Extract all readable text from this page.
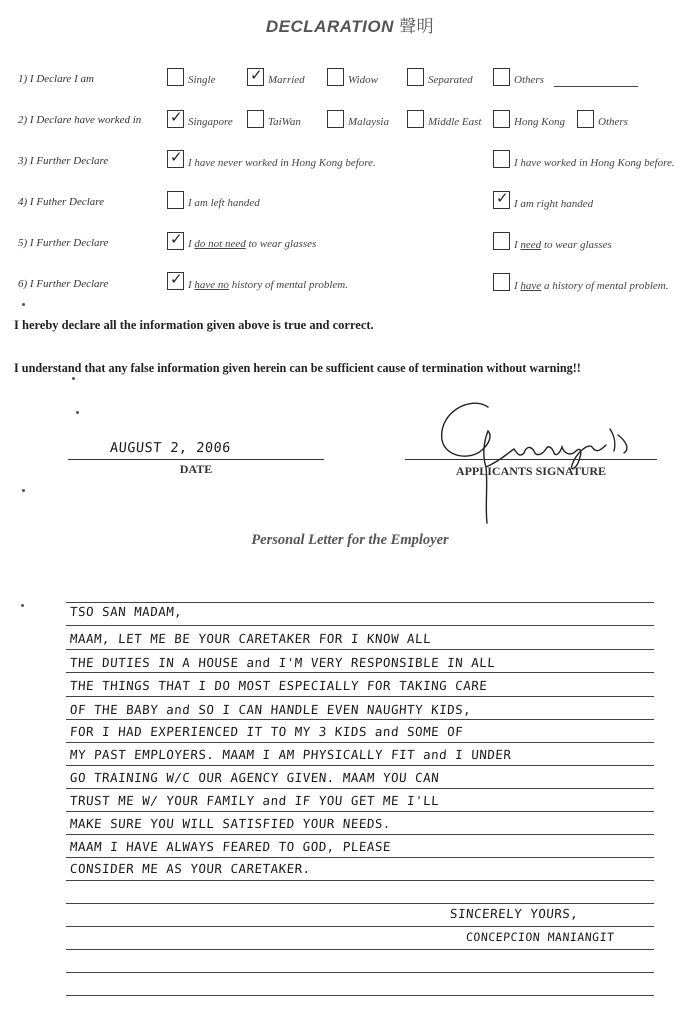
DECLARATION 聲明
1) I Declare I am	Single ✓ Married	Widow	Separated	Others
2) I Declare have worked in ✓ Singapore	TaiWan	Malaysia	Middle East	Hong Kong	Others
3) I Further Declare	✓ I have never worked in Hong Kong before.	I have worked in Hong Kong before.
4) I Futher Declare	I am left handed	✓ I am right handed
5) I Further Declare	✓ I do not need to wear glasses	I need to wear glasses
6) I Further Declare	✓ I have no history of mental problem.	I have a history of mental problem.
I hereby declare all the information given above is true and correct.
I understand that any false information given herein can be sufficient cause of termination without warning!!
AUGUST 2, 2006
DATE	APPLICANTS SIGNATURE
Personal Letter for the Employer
TSO SAN MADAM,
MAAM, LET ME BE YOUR CARETAKER FOR I KNOW ALL
THE DUTIES IN A HOUSE and I'M VERY RESPONSIBLE IN ALL
THE THINGS THAT I DO MOST ESPECIALLY FOR TAKING CARE
OF THE BABY and SO I CAN HANDLE EVEN NAUGHTY KIDS,
FOR I HAD EXPERIENCED IT TO MY 3 KIDS and SOME OF
MY PAST EMPLOYERS. MAAM I AM PHYSICALLY FIT and I UNDER
GO TRAINING W/C OUR AGENCY GIVEN. MAAM YOU CAN
TRUST ME W/ YOUR FAMILY and IF YOU GET ME I'LL
MAKE SURE YOU WILL SATISFIED YOUR NEEDS.
MAAM I HAVE ALWAYS FEARED TO GOD, PLEASE
CONSIDER ME AS YOUR CARETAKER.
SINCERELY YOURS,
CONCEPCION MANIANGIT
